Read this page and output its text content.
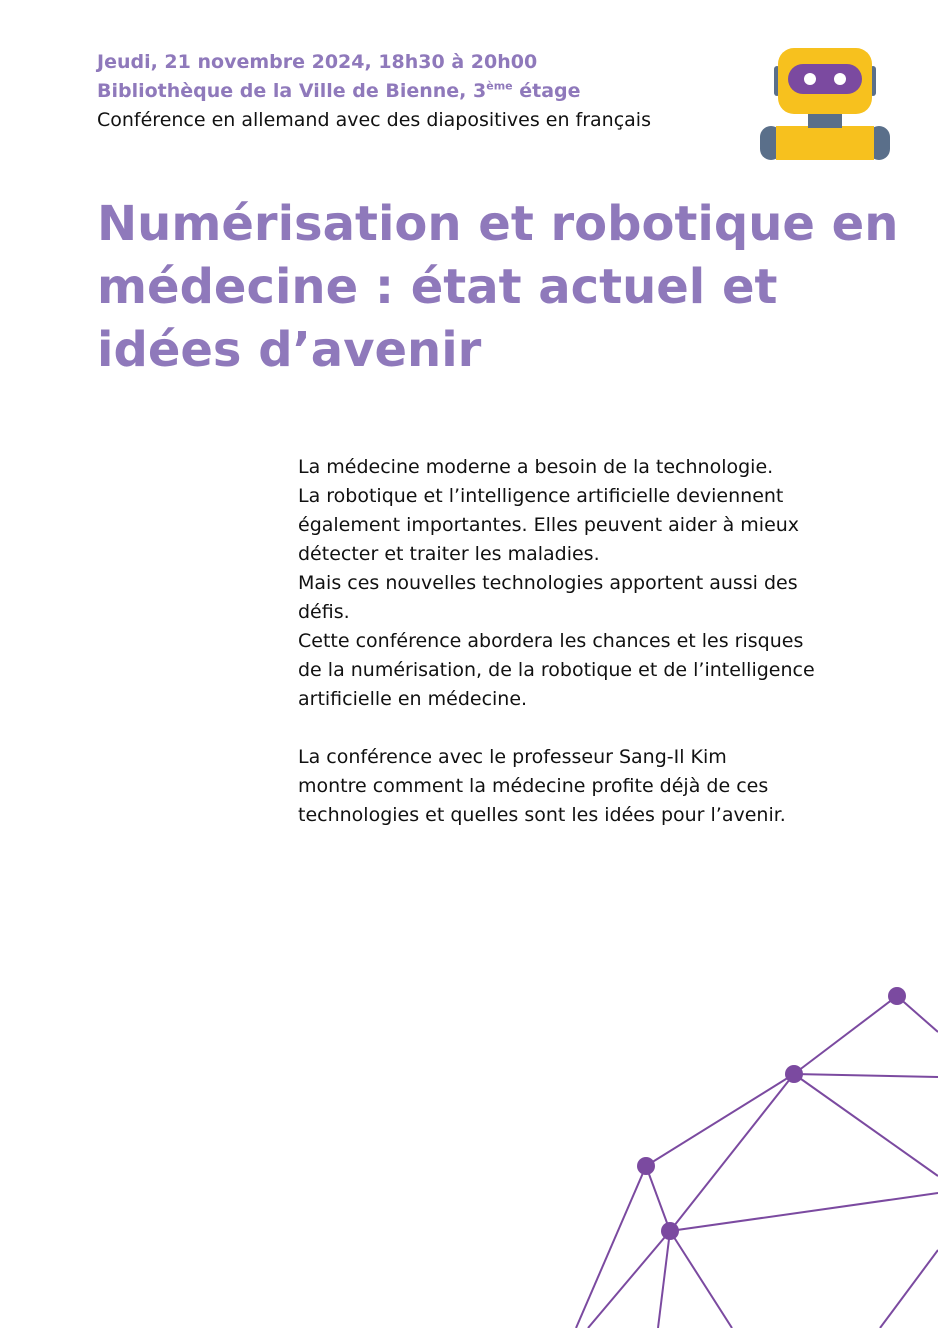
Jeudi, 21 novembre 2024, 18h30 à 20h00
Bibliothèque de la Ville de Bienne, 3ème étage
Conférence en allemand avec des diapositives en français
Numérisation et robotique en
médecine : état actuel et
idées d’avenir
La médecine moderne a besoin de la technologie.
La robotique et l’intelligence artificielle deviennent
également importantes. Elles peuvent aider à mieux
détecter et traiter les maladies.
Mais ces nouvelles technologies apportent aussi des
défis.
Cette conférence abordera les chances et les risques
de la numérisation, de la robotique et de l’intelligence
artificielle en médecine.
La conférence avec le professeur Sang-Il Kim
montre comment la médecine profite déjà de ces
technologies et quelles sont les idées pour l’avenir.
